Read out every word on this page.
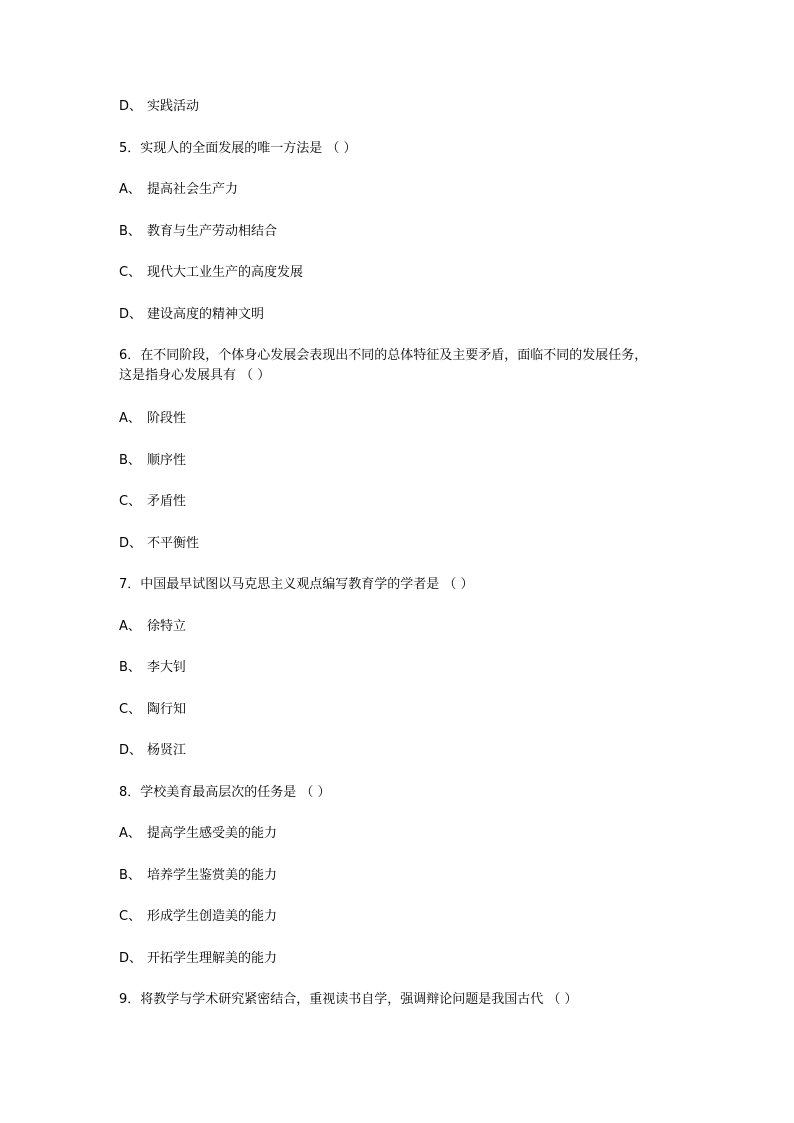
D、 实践活动
5．实现人的全面发展的唯一方法是 （ ）
A、 提高社会生产力
B、 教育与生产劳动相结合
C、 现代大工业生产的高度发展
D、 建设高度的精神文明
6．在不同阶段，个体身心发展会表现出不同的总体特征及主要矛盾，面临不同的发展任务，
这是指身心发展具有 （ ）
A、 阶段性
B、 顺序性
C、 矛盾性
D、 不平衡性
7．中国最早试图以马克思主义观点编写教育学的学者是 （ ）
A、 徐特立
B、 李大钊
C、 陶行知
D、 杨贤江
8．学校美育最高层次的任务是 （ ）
A、 提高学生感受美的能力
B、 培养学生鉴赏美的能力
C、 形成学生创造美的能力
D、 开拓学生理解美的能力
9．将教学与学术研究紧密结合，重视读书自学，强调辩论问题是我国古代 （ ）
